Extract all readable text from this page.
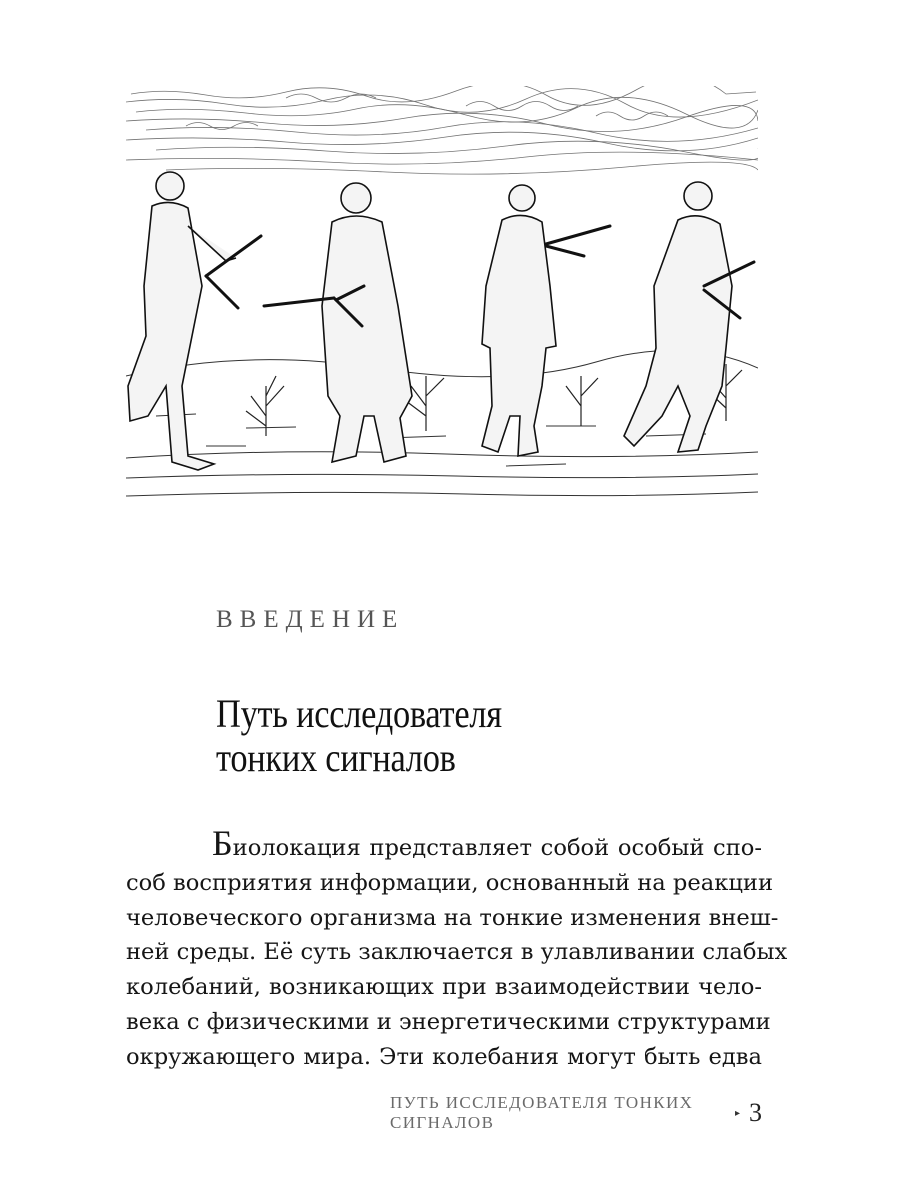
ВВЕДЕНИЕ
Путь исследователя
тонких сигналов
Биолокация представляет собой особый спо-
соб восприятия информации, основанный на реакции
человеческого организма на тонкие изменения внеш-
ней среды. Её суть заключается в улавливании слабых
колебаний, возникающих при взаимодействии чело-
века с физическими и энергетическими структурами
окружающего мира. Эти колебания могут быть едва
ПУТЬ ИССЛЕДОВАТЕЛЯ ТОНКИХ СИГНАЛОВ	▸ 3
